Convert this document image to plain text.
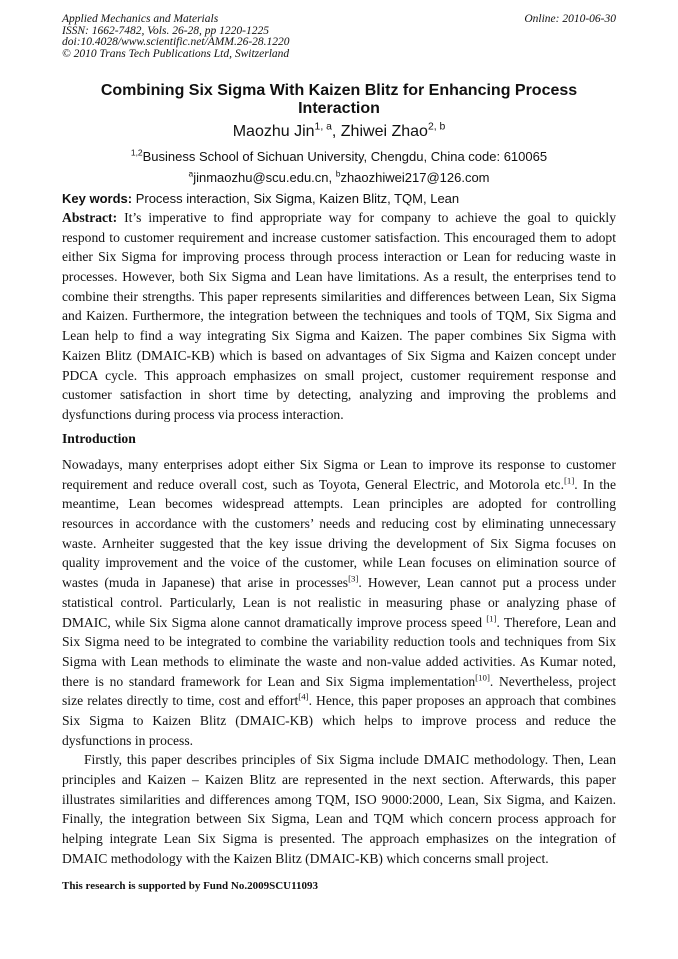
Applied Mechanics and Materials
ISSN: 1662-7482, Vols. 26-28, pp 1220-1225
doi:10.4028/www.scientific.net/AMM.26-28.1220
© 2010 Trans Tech Publications Ltd, Switzerland
Online: 2010-06-30
Combining Six Sigma With Kaizen Blitz for Enhancing Process
Interaction
Maozhu Jin$^{1, a}$, Zhiwei Zhao$^{2, b}$
$^{1,2}$Business School of Sichuan University, Chengdu, China code: 610065
$^a$jinmaozhu@scu.edu.cn, $^b$zhaozhiwei217@126.com
Key words: Process interaction, Six Sigma, Kaizen Blitz, TQM, Lean
Abstract: It’s imperative to find appropriate way for company to achieve the goal to quickly
respond to customer requirement and increase customer satisfaction. This encouraged them to adopt
either Six Sigma for improving process through process interaction or Lean for reducing waste in
processes. However, both Six Sigma and Lean have limitations. As a result, the enterprises tend to
combine their strengths. This paper represents similarities and differences between Lean, Six Sigma
and Kaizen. Furthermore, the integration between the techniques and tools of TQM, Six Sigma and
Lean help to find a way integrating Six Sigma and Kaizen. The paper combines Six Sigma with
Kaizen Blitz (DMAIC-KB) which is based on advantages of Six Sigma and Kaizen concept under
PDCA cycle. This approach emphasizes on small project, customer requirement response and
customer satisfaction in short time by detecting, analyzing and improving the problems and
dysfunctions during process via process interaction.
Introduction
Nowadays, many enterprises adopt either Six Sigma or Lean to improve its response to customer
requirement and reduce overall cost, such as Toyota, General Electric, and Motorola etc.[1]. In the
meantime, Lean becomes widespread attempts. Lean principles are adopted for controlling
resources in accordance with the customers’ needs and reducing cost by eliminating unnecessary
waste. Arnheiter suggested that the key issue driving the development of Six Sigma focuses on
quality improvement and the voice of the customer, while Lean focuses on elimination source of
wastes (muda in Japanese) that arise in processes[3]. However, Lean cannot put a process under
statistical control. Particularly, Lean is not realistic in measuring phase or analyzing phase of
DMAIC, while Six Sigma alone cannot dramatically improve process speed [1]. Therefore, Lean and
Six Sigma need to be integrated to combine the variability reduction tools and techniques from Six
Sigma with Lean methods to eliminate the waste and non-value added activities. As Kumar noted,
there is no standard framework for Lean and Six Sigma implementation[10]. Nevertheless, project
size relates directly to time, cost and effort[4]. Hence, this paper proposes an approach that combines
Six Sigma to Kaizen Blitz (DMAIC-KB) which helps to improve process and reduce the
dysfunctions in process.
Firstly, this paper describes principles of Six Sigma include DMAIC methodology. Then, Lean
principles and Kaizen – Kaizen Blitz are represented in the next section. Afterwards, this paper
illustrates similarities and differences among TQM, ISO 9000:2000, Lean, Six Sigma, and Kaizen.
Finally, the integration between Six Sigma, Lean and TQM which concern process approach for
helping integrate Lean Six Sigma is presented. The approach emphasizes on the integration of
DMAIC methodology with the Kaizen Blitz (DMAIC-KB) which concerns small project.
This research is supported by Fund No.2009SCU11093
